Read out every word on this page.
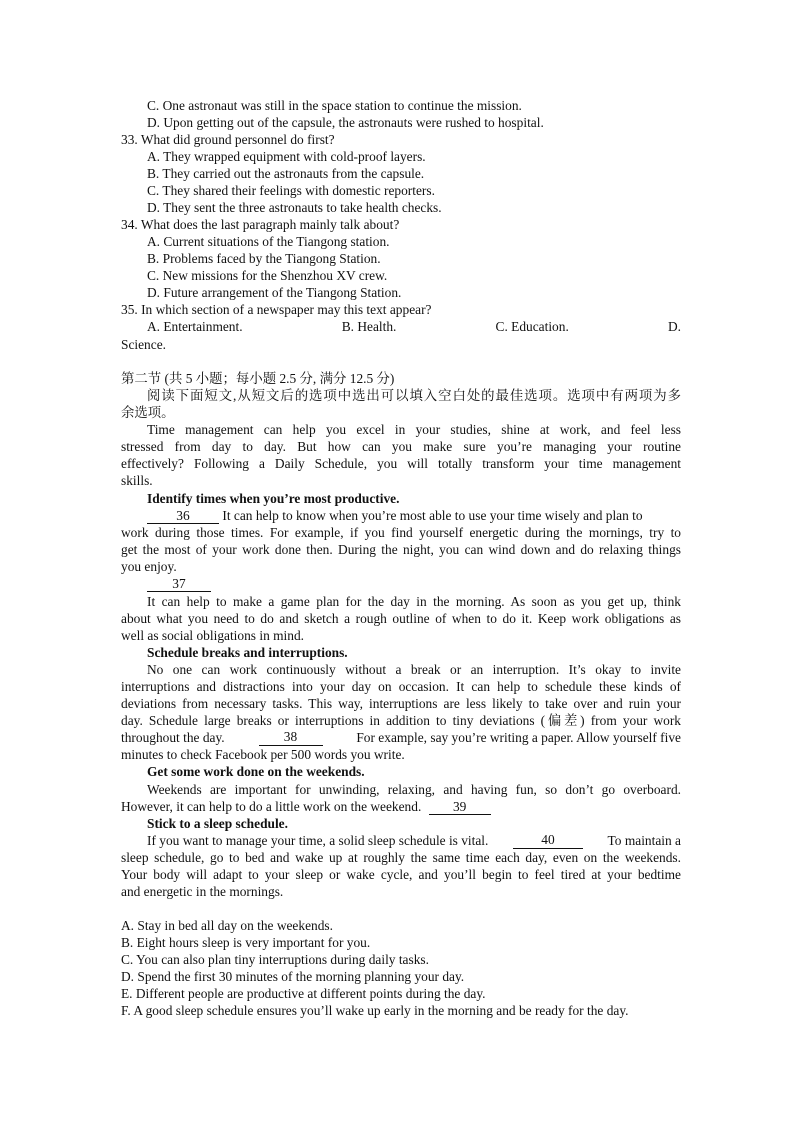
C. One astronaut was still in the space station to continue the mission.
D. Upon getting out of the capsule, the astronauts were rushed to hospital.
33. What did ground personnel do first?
A. They wrapped equipment with cold-proof layers.
B. They carried out the astronauts from the capsule.
C. They shared their feelings with domestic reporters.
D. They sent the three astronauts to take health checks.
34. What does the last paragraph mainly talk about?
A. Current situations of the Tiangong station.
B. Problems faced by the Tiangong Station.
C. New missions for the Shenzhou XV crew.
D. Future arrangement of the Tiangong Station.
35. In which section of a newspaper may this text appear?
A. Entertainment.	B. Health.	C. Education.	D.
Science.
第二节 (共 5 小题；每小题 2.5 分, 满分 12.5 分)
阅读下面短文,从短文后的选项中选出可以填入空白处的最佳选项。选项中有两项为多
余选项。
Time management can help you excel in your studies, shine at work, and feel less
stressed from day to day. But how can you make sure you’re managing your routine
effectively? Following a Daily Schedule, you will totally transform your time management
skills.
Identify times when you’re most productive.
36 It can help to know when you’re most able to use your time wisely and plan to
work during those times. For example, if you find yourself energetic during the mornings, try to
get the most of your work done then. During the night, you can wind down and do relaxing things
you enjoy.
37
It can help to make a game plan for the day in the morning. As soon as you get up, think
about what you need to do and sketch a rough outline of when to do it. Keep work obligations as
well as social obligations in mind.
Schedule breaks and interruptions.
No one can work continuously without a break or an interruption. It’s okay to invite
interruptions and distractions into your day on occasion. It can help to schedule these kinds of
deviations from necessary tasks. This way, interruptions are less likely to take over and ruin your
day. Schedule large breaks or interruptions in addition to tiny deviations (偏差) from your work
throughout the day.	38	For example, say you’re writing a paper. Allow yourself five
minutes to check Facebook per 500 words you write.
Get some work done on the weekends.
Weekends are important for unwinding, relaxing, and having fun, so don’t go overboard.
However, it can help to do a little work on the weekend. 39
Stick to a sleep schedule.
If you want to manage your time, a solid sleep schedule is vital.	40	To maintain a
sleep schedule, go to bed and wake up at roughly the same time each day, even on the weekends.
Your body will adapt to your sleep or wake cycle, and you’ll begin to feel tired at your bedtime
and energetic in the mornings.
A. Stay in bed all day on the weekends.
B. Eight hours sleep is very important for you.
C. You can also plan tiny interruptions during daily tasks.
D. Spend the first 30 minutes of the morning planning your day.
E. Different people are productive at different points during the day.
F. A good sleep schedule ensures you’ll wake up early in the morning and be ready for the day.
